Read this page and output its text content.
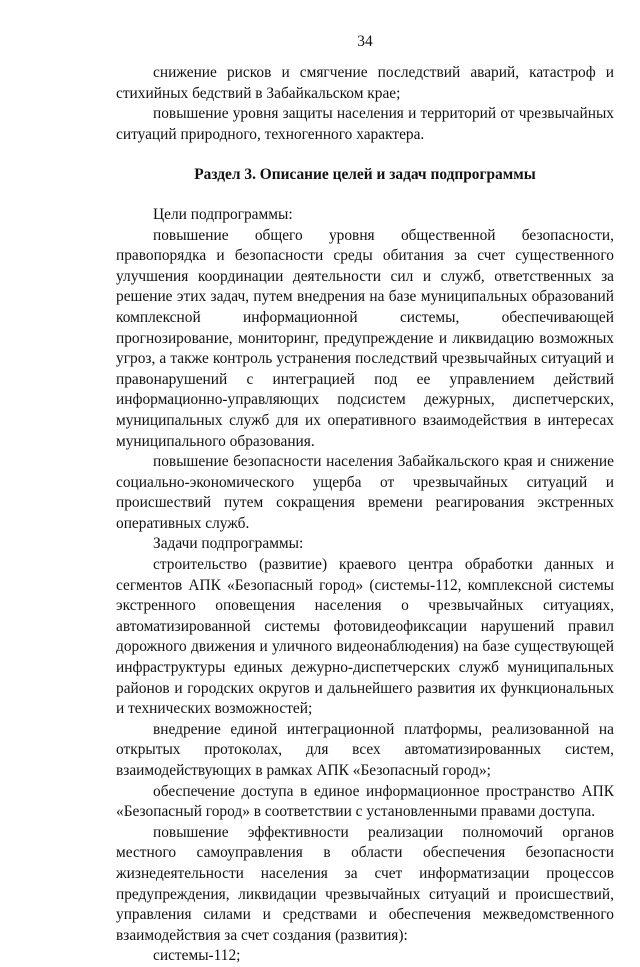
34

снижение рисков и смягчение последствий аварий, катастроф и стихийных бедствий в Забайкальском крае;

повышение уровня защиты населения и территорий от чрезвычайных ситуаций природного, техногенного характера.

Раздел 3. Описание целей и задач подпрограммы

Цели подпрограммы:

повышение общего уровня общественной безопасности, правопорядка и безопасности среды обитания за счет существенного улучшения координации деятельности сил и служб, ответственных за решение этих задач, путем внедрения на базе муниципальных образований комплексной информационной системы, обеспечивающей прогнозирование, мониторинг, предупреждение и ликвидацию возможных угроз, а также контроль устранения последствий чрезвычайных ситуаций и правонарушений с интеграцией под ее управлением действий информационно-управляющих подсистем дежурных, диспетчерских, муниципальных служб для их оперативного взаимодействия в интересах муниципального образования.

повышение безопасности населения Забайкальского края и снижение социально-экономического ущерба от чрезвычайных ситуаций и происшествий путем сокращения времени реагирования экстренных оперативных служб.

Задачи подпрограммы:

строительство (развитие) краевого центра обработки данных и сегментов АПК «Безопасный город» (системы-112, комплексной системы экстренного оповещения населения о чрезвычайных ситуациях, автоматизированной системы фотовидеофиксации нарушений правил дорожного движения и уличного видеонаблюдения) на базе существующей инфраструктуры единых дежурно-диспетчерских служб муниципальных районов и городских округов и дальнейшего развития их функциональных и технических возможностей;

внедрение единой интеграционной платформы, реализованной на открытых протоколах, для всех автоматизированных систем, взаимодействующих в рамках АПК «Безопасный город»;

обеспечение доступа в единое информационное пространство АПК «Безопасный город» в соответствии с установленными правами доступа.

повышение эффективности реализации полномочий органов местного самоуправления в области обеспечения безопасности жизнедеятельности населения за счет информатизации процессов предупреждения, ликвидации чрезвычайных ситуаций и происшествий, управления силами и средствами и обеспечения межведомственного взаимодействия за счет создания (развития):

системы-112;
